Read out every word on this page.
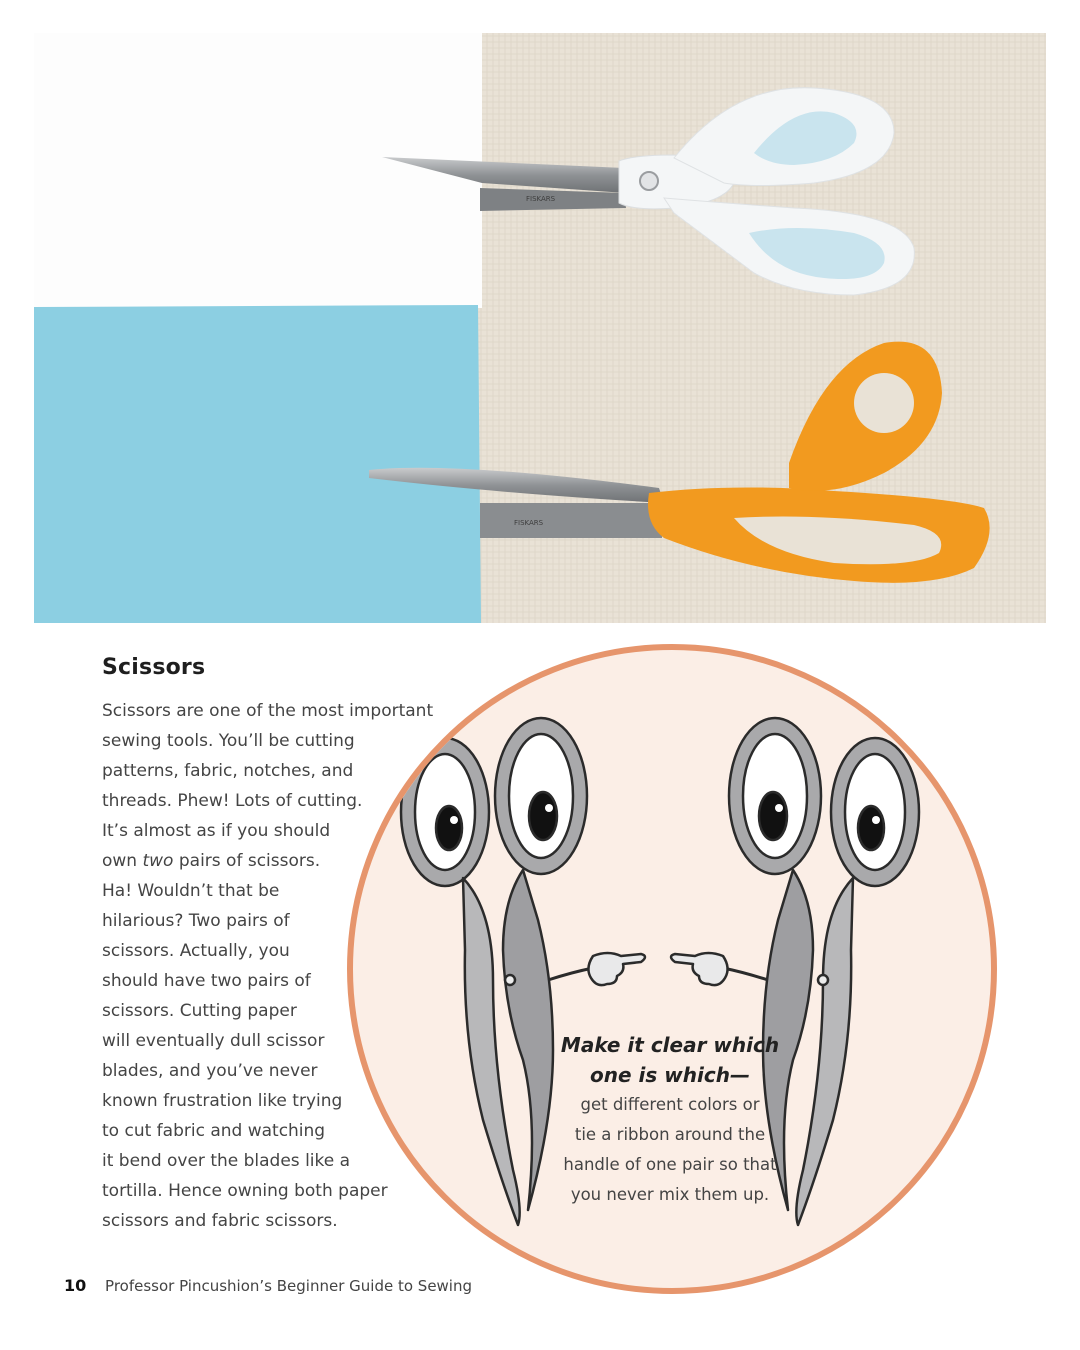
FISKARS
FISKARS
Scissors
Scissors are one of the most important
sewing tools. You’ll be cutting
patterns, fabric, notches, and
threads. Phew! Lots of cutting.
It’s almost as if you should
own two pairs of scissors.
Ha! Wouldn’t that be
hilarious? Two pairs of
scissors. Actually, you
should have two pairs of
scissors. Cutting paper
will eventually dull scissor
blades, and you’ve never
known frustration like trying
to cut fabric and watching
it bend over the blades like a
tortilla. Hence owning both paper
scissors and fabric scissors.
Make it clear which
one is which—
get different colors or
tie a ribbon around the
handle of one pair so that
you never mix them up.
10 Professor Pincushion’s Beginner Guide to Sewing
